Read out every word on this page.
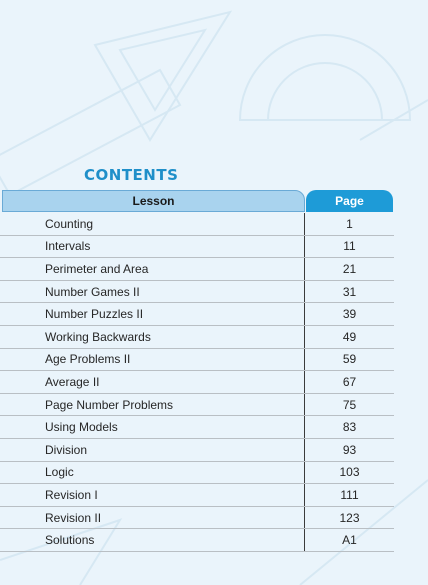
CONTENTS
Lesson	Page
Counting	1
Intervals	11
Perimeter and Area	21
Number Games II	31
Number Puzzles II	39
Working Backwards	49
Age Problems II	59
Average II	67
Page Number Problems	75
Using Models	83
Division	93
Logic	103
Revision I	111
Revision II	123
Solutions	A1
